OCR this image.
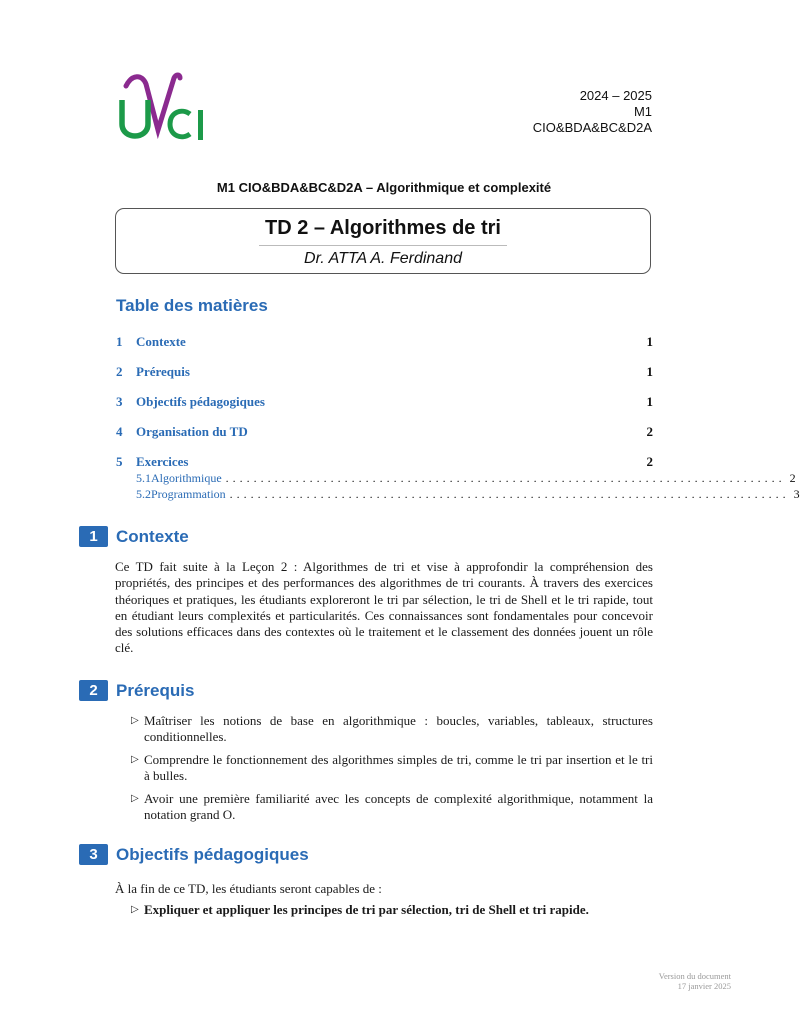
2024 – 2025
M1
CIO&BDA&BC&D2A
M1 CIO&BDA&BC&D2A – Algorithmique et complexité
TD 2 – Algorithmes de tri
Dr. ATTA A. Ferdinand
Table des matières
1 Contexte	1
2 Prérequis	1
3 Objectifs pédagogiques	1
4 Organisation du TD	2
5 Exercices	2
5.1 Algorithmique ................................................................................ 2
5.2 Programmation ................................................................................ 3
1	Contexte
Ce TD fait suite à la Leçon 2 : Algorithmes de tri et vise à approfondir la compréhension des propriétés, des principes et des performances des algorithmes de tri courants. À travers des exercices théoriques et pratiques, les étudiants exploreront le tri par sélection, le tri de Shell et le tri rapide, tout en étudiant leurs complexités et particularités. Ces connaissances sont fondamentales pour concevoir des solutions efficaces dans des contextes où le traitement et le classement des données jouent un rôle clé.
2	Prérequis
▷ Maîtriser les notions de base en algorithmique : boucles, variables, tableaux, structures conditionnelles.
▷ Comprendre le fonctionnement des algorithmes simples de tri, comme le tri par insertion et le tri à bulles.
▷ Avoir une première familiarité avec les concepts de complexité algorithmique, notamment la notation grand O.
3	Objectifs pédagogiques
À la fin de ce TD, les étudiants seront capables de :
▷ Expliquer et appliquer les principes de tri par sélection, tri de Shell et tri rapide.
Version du document
17 janvier 2025
